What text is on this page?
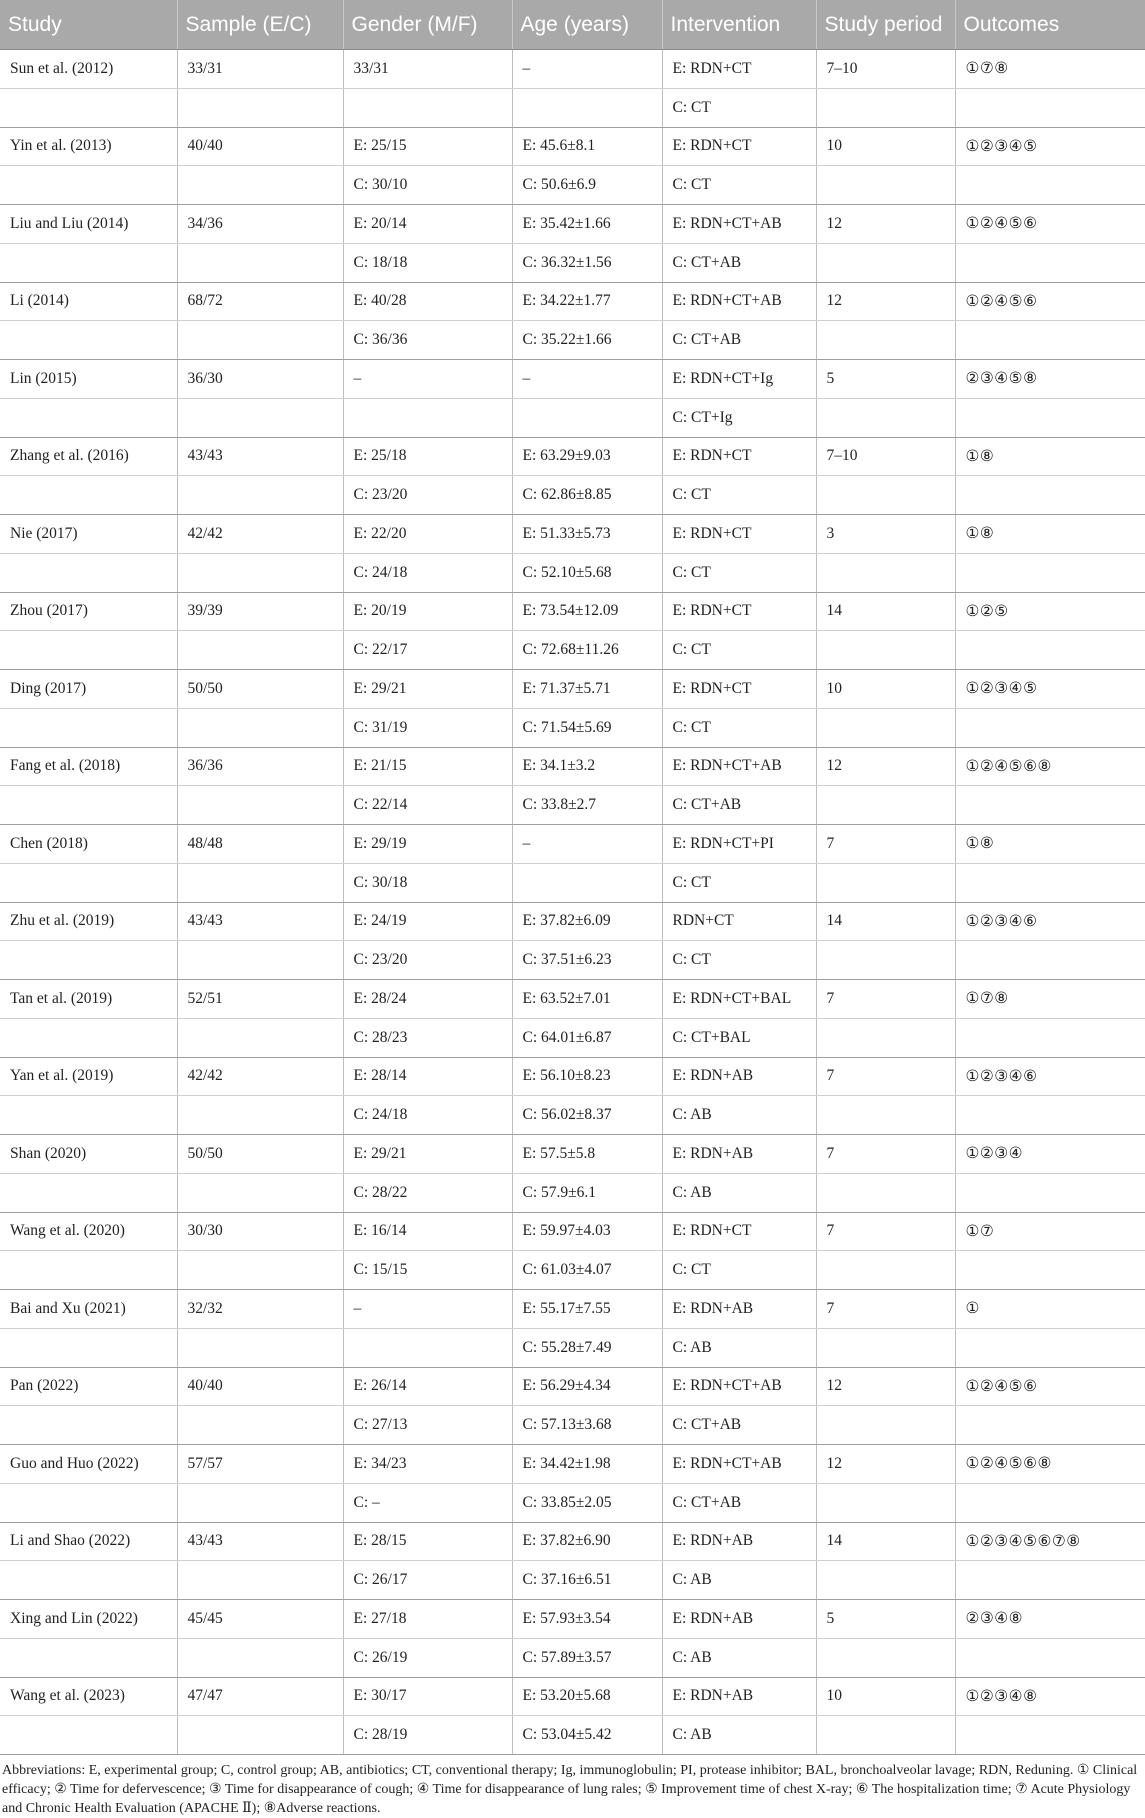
Study	Sample (E/C)	Gender (M/F)	Age (years)	Intervention	Study period	Outcomes
Sun et al. (2012)	33/31	33/31	–	E: RDN+CT	7–10	①⑦⑧
				C: CT		
Yin et al. (2013)	40/40	E: 25/15	E: 45.6±8.1	E: RDN+CT	10	①②③④⑤
		C: 30/10	C: 50.6±6.9	C: CT		
Liu and Liu (2014)	34/36	E: 20/14	E: 35.42±1.66	E: RDN+CT+AB	12	①②④⑤⑥
		C: 18/18	C: 36.32±1.56	C: CT+AB		
Li (2014)	68/72	E: 40/28	E: 34.22±1.77	E: RDN+CT+AB	12	①②④⑤⑥
		C: 36/36	C: 35.22±1.66	C: CT+AB		
Lin (2015)	36/30	–	–	E: RDN+CT+Ig	5	②③④⑤⑧
				C: CT+Ig		
Zhang et al. (2016)	43/43	E: 25/18	E: 63.29±9.03	E: RDN+CT	7–10	①⑧
		C: 23/20	C: 62.86±8.85	C: CT		
Nie (2017)	42/42	E: 22/20	E: 51.33±5.73	E: RDN+CT	3	①⑧
		C: 24/18	C: 52.10±5.68	C: CT		
Zhou (2017)	39/39	E: 20/19	E: 73.54±12.09	E: RDN+CT	14	①②⑤
		C: 22/17	C: 72.68±11.26	C: CT		
Ding (2017)	50/50	E: 29/21	E: 71.37±5.71	E: RDN+CT	10	①②③④⑤
		C: 31/19	C: 71.54±5.69	C: CT		
Fang et al. (2018)	36/36	E: 21/15	E: 34.1±3.2	E: RDN+CT+AB	12	①②④⑤⑥⑧
		C: 22/14	C: 33.8±2.7	C: CT+AB		
Chen (2018)	48/48	E: 29/19	–	E: RDN+CT+PI	7	①⑧
		C: 30/18		C: CT		
Zhu et al. (2019)	43/43	E: 24/19	E: 37.82±6.09	RDN+CT	14	①②③④⑥
		C: 23/20	C: 37.51±6.23	C: CT		
Tan et al. (2019)	52/51	E: 28/24	E: 63.52±7.01	E: RDN+CT+BAL	7	①⑦⑧
		C: 28/23	C: 64.01±6.87	C: CT+BAL		
Yan et al. (2019)	42/42	E: 28/14	E: 56.10±8.23	E: RDN+AB	7	①②③④⑥
		C: 24/18	C: 56.02±8.37	C: AB		
Shan (2020)	50/50	E: 29/21	E: 57.5±5.8	E: RDN+AB	7	①②③④
		C: 28/22	C: 57.9±6.1	C: AB		
Wang et al. (2020)	30/30	E: 16/14	E: 59.97±4.03	E: RDN+CT	7	①⑦
		C: 15/15	C: 61.03±4.07	C: CT		
Bai and Xu (2021)	32/32	–	E: 55.17±7.55	E: RDN+AB	7	①
			C: 55.28±7.49	C: AB		
Pan (2022)	40/40	E: 26/14	E: 56.29±4.34	E: RDN+CT+AB	12	①②④⑤⑥
		C: 27/13	C: 57.13±3.68	C: CT+AB		
Guo and Huo (2022)	57/57	E: 34/23	E: 34.42±1.98	E: RDN+CT+AB	12	①②④⑤⑥⑧
		C: –	C: 33.85±2.05	C: CT+AB		
Li and Shao (2022)	43/43	E: 28/15	E: 37.82±6.90	E: RDN+AB	14	①②③④⑤⑥⑦⑧
		C: 26/17	C: 37.16±6.51	C: AB		
Xing and Lin (2022)	45/45	E: 27/18	E: 57.93±3.54	E: RDN+AB	5	②③④⑧
		C: 26/19	C: 57.89±3.57	C: AB		
Wang et al. (2023)	47/47	E: 30/17	E: 53.20±5.68	E: RDN+AB	10	①②③④⑧
		C: 28/19	C: 53.04±5.42	C: AB		
Abbreviations: E, experimental group; C, control group; AB, antibiotics; CT, conventional therapy; Ig, immunoglobulin; PI, protease inhibitor; BAL, bronchoalveolar lavage; RDN, Reduning. ① Clinical efficacy; ② Time for defervescence; ③ Time for disappearance of cough; ④ Time for disappearance of lung rales; ⑤ Improvement time of chest X-ray; ⑥ The hospitalization time; ⑦ Acute Physiology and Chronic Health Evaluation (APACHE Ⅱ); ⑧Adverse reactions.
